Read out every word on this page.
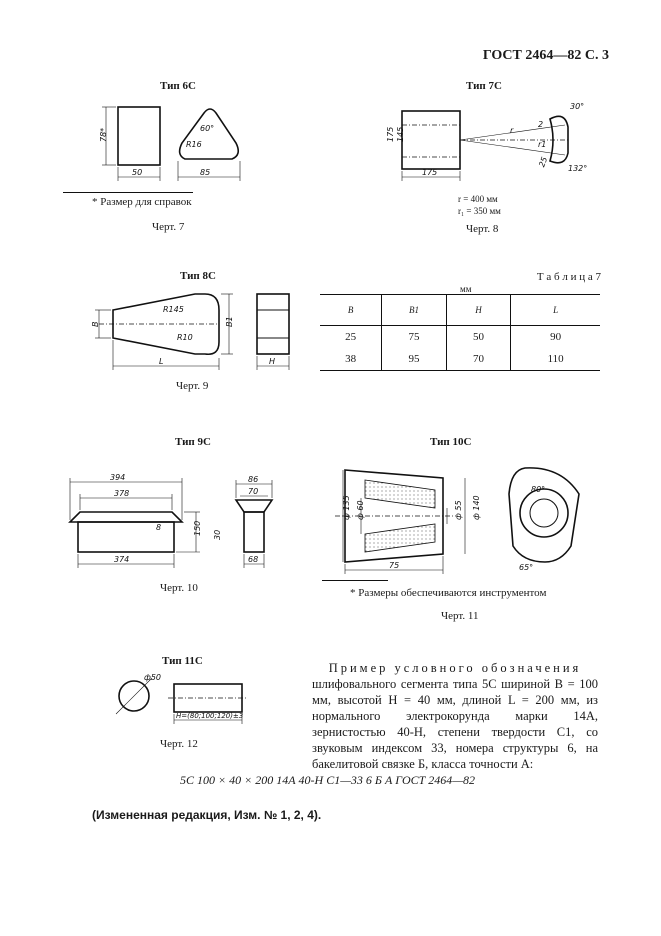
ГОСТ 2464—82 С. 3
Тип 6С
78*
50	85
60°
R16
* Размер для справок
Черт. 7
Тип 7С
175 145
175
30°
132°
2
r
r1
25
r = 400 мм
r₁ = 350 мм
Черт. 8
Тип 8С
B	B1
L
R145
R10
H
Черт. 9
Т а б л и ц а 7
мм
B	B1	H	L
25	75	50	90
38	95	70	110
Тип 9С
394
378
374
8	150 30
86
70
68
Черт. 10
Тип 10С
ф 135 ф 60	ф 55 ф 140
75
80°
65°
* Размеры обеспечиваются инструментом
Черт. 11
Тип 11С
ф50
H=(80;100;120)±3
Черт. 12
Пример условного обозначения
шлифовального сегмента типа 5С шириной B = 100 мм, высотой H = 40 мм, длиной L = 200 мм, из нормального электрокорунда марки 14А, зернистостью 40-Н, степени твердости С1, со звуковым индексом 33, номера структуры 6, на бакелитовой связке Б, класса точности А:
5С 100 × 40 × 200 14А 40-Н С1—33 6 Б А ГОСТ 2464—82
(Измененная редакция, Изм. № 1, 2, 4).
